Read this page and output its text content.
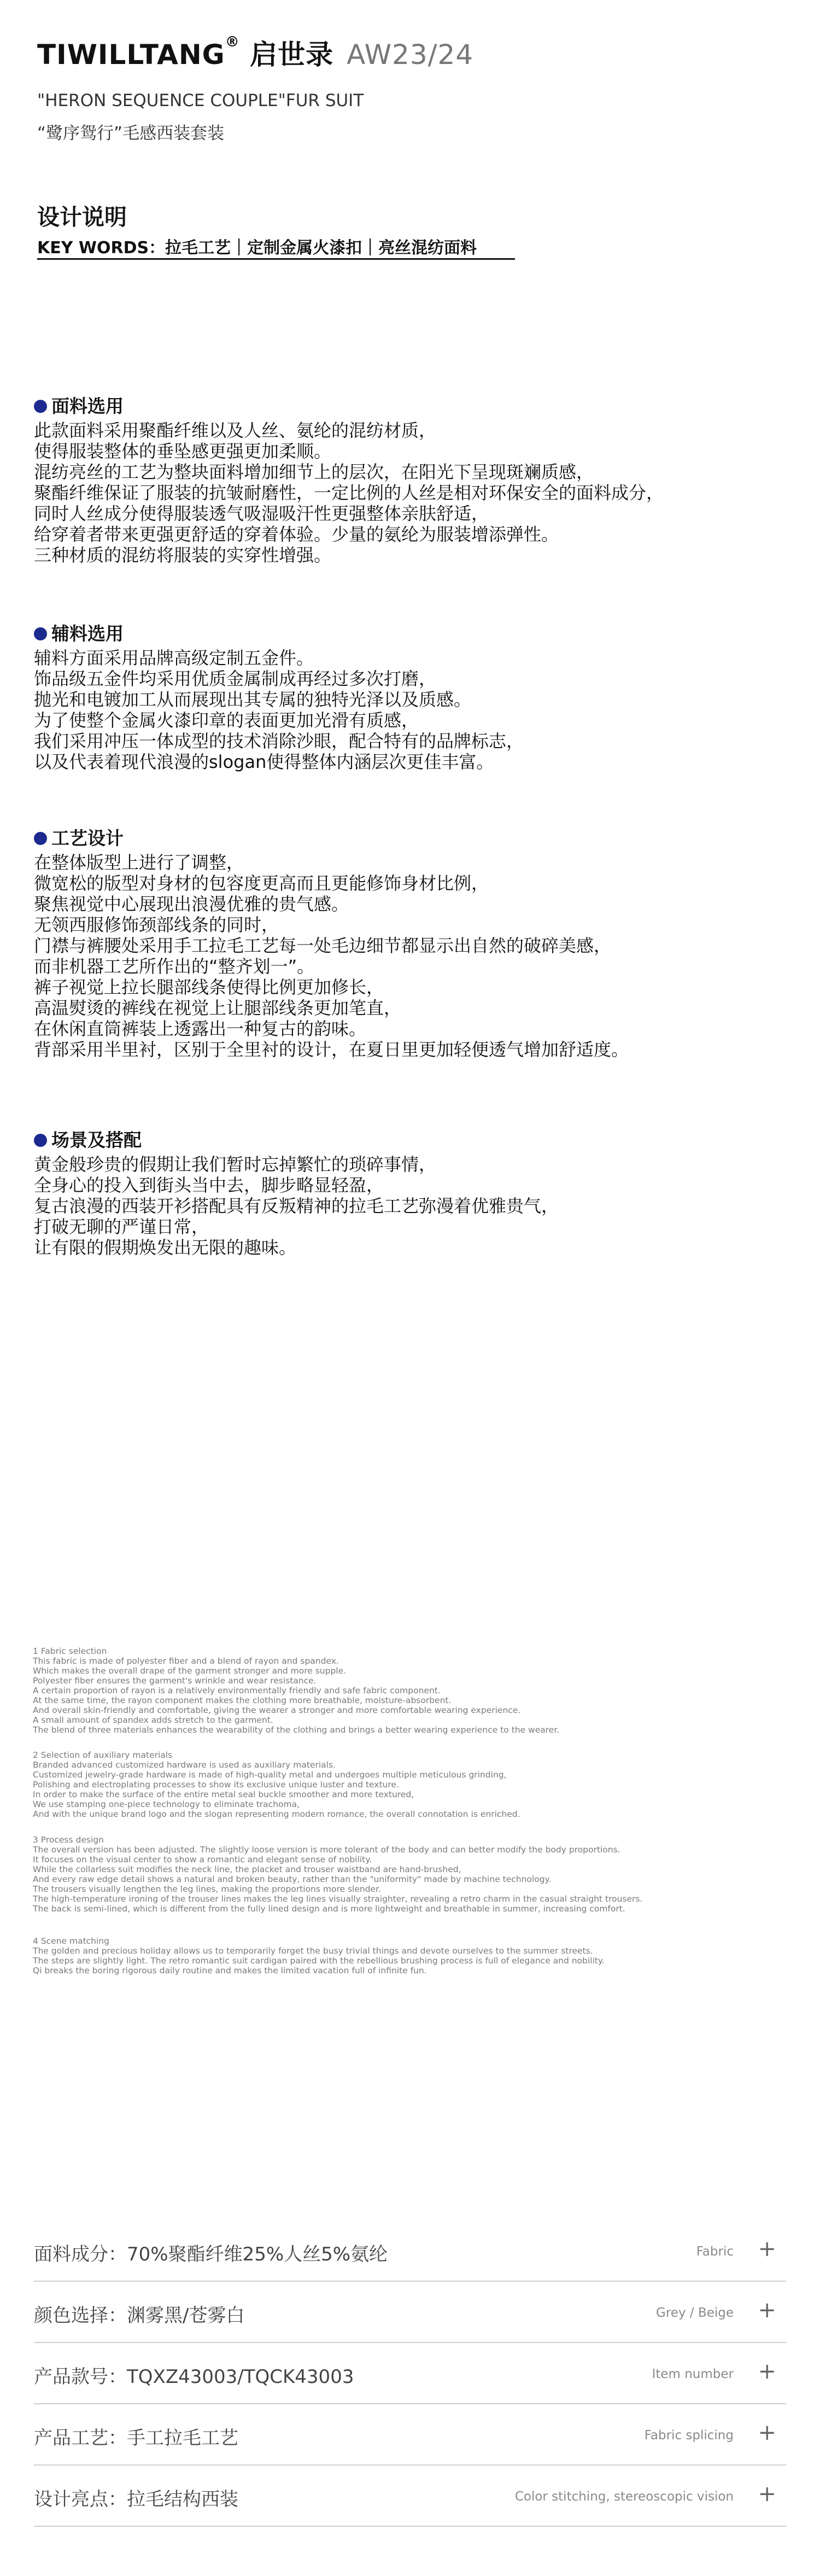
TIWILLTANG® 启世录 AW23/24
"HERON SEQUENCE COUPLE"FUR SUIT
“鹭序鸳行”毛感西装套装
设计说明
KEY WORDS：拉毛工艺｜定制金属火漆扣｜亮丝混纺面料
面料选用
此款面料采用聚酯纤维以及人丝、氨纶的混纺材质，
使得服装整体的垂坠感更强更加柔顺。
混纺亮丝的工艺为整块面料增加细节上的层次，在阳光下呈现斑斓质感，
聚酯纤维保证了服装的抗皱耐磨性，一定比例的人丝是相对环保安全的面料成分，
同时人丝成分使得服装透气吸湿吸汗性更强整体亲肤舒适，
给穿着者带来更强更舒适的穿着体验。少量的氨纶为服装增添弹性。
三种材质的混纺将服装的实穿性增强。
辅料选用
辅料方面采用品牌高级定制五金件。
饰品级五金件均采用优质金属制成再经过多次打磨，
抛光和电镀加工从而展现出其专属的独特光泽以及质感。
为了使整个金属火漆印章的表面更加光滑有质感，
我们采用冲压一体成型的技术消除沙眼，配合特有的品牌标志，
以及代表着现代浪漫的slogan使得整体内涵层次更佳丰富。
工艺设计
在整体版型上进行了调整，
微宽松的版型对身材的包容度更高而且更能修饰身材比例，
聚焦视觉中心展现出浪漫优雅的贵气感。
无领西服修饰颈部线条的同时，
门襟与裤腰处采用手工拉毛工艺每一处毛边细节都显示出自然的破碎美感，
而非机器工艺所作出的“整齐划一”。
裤子视觉上拉长腿部线条使得比例更加修长，
高温熨烫的裤线在视觉上让腿部线条更加笔直，
在休闲直筒裤装上透露出一种复古的韵味。
背部采用半里衬，区别于全里衬的设计，在夏日里更加轻便透气增加舒适度。
场景及搭配
黄金般珍贵的假期让我们暂时忘掉繁忙的琐碎事情，
全身心的投入到街头当中去，脚步略显轻盈，
复古浪漫的西装开衫搭配具有反叛精神的拉毛工艺弥漫着优雅贵气，
打破无聊的严谨日常，
让有限的假期焕发出无限的趣味。
1 Fabric selection
This fabric is made of polyester fiber and a blend of rayon and spandex.
Which makes the overall drape of the garment stronger and more supple.
Polyester fiber ensures the garment's wrinkle and wear resistance.
A certain proportion of rayon is a relatively environmentally friendly and safe fabric component.
At the same time, the rayon component makes the clothing more breathable, moisture-absorbent.
And overall skin-friendly and comfortable, giving the wearer a stronger and more comfortable wearing experience.
A small amount of spandex adds stretch to the garment.
The blend of three materials enhances the wearability of the clothing and brings a better wearing experience to the wearer.
2 Selection of auxiliary materials
Branded advanced customized hardware is used as auxiliary materials.
Customized jewelry-grade hardware is made of high-quality metal and undergoes multiple meticulous grinding,
Polishing and electroplating processes to show its exclusive unique luster and texture.
In order to make the surface of the entire metal seal buckle smoother and more textured,
We use stamping one-piece technology to eliminate trachoma,
And with the unique brand logo and the slogan representing modern romance, the overall connotation is enriched.
3 Process design
The overall version has been adjusted. The slightly loose version is more tolerant of the body and can better modify the body proportions.
It focuses on the visual center to show a romantic and elegant sense of nobility.
While the collarless suit modifies the neck line, the placket and trouser waistband are hand-brushed,
And every raw edge detail shows a natural and broken beauty, rather than the "uniformity" made by machine technology.
The trousers visually lengthen the leg lines, making the proportions more slender.
The high-temperature ironing of the trouser lines makes the leg lines visually straighter, revealing a retro charm in the casual straight trousers.
The back is semi-lined, which is different from the fully lined design and is more lightweight and breathable in summer, increasing comfort.
4 Scene matching
The golden and precious holiday allows us to temporarily forget the busy trivial things and devote ourselves to the summer streets.
The steps are slightly light. The retro romantic suit cardigan paired with the rebellious brushing process is full of elegance and nobility.
Qi breaks the boring rigorous daily routine and makes the limited vacation full of infinite fun.
面料成分：70%聚酯纤维25%人丝5%氨纶	Fabric +
颜色选择：渊雾黑/苍雾白	Grey / Beige +
产品款号：TQXZ43003/TQCK43003	Item number +
产品工艺：手工拉毛工艺	Fabric splicing +
设计亮点：拉毛结构西装	Color stitching, stereoscopic vision +
